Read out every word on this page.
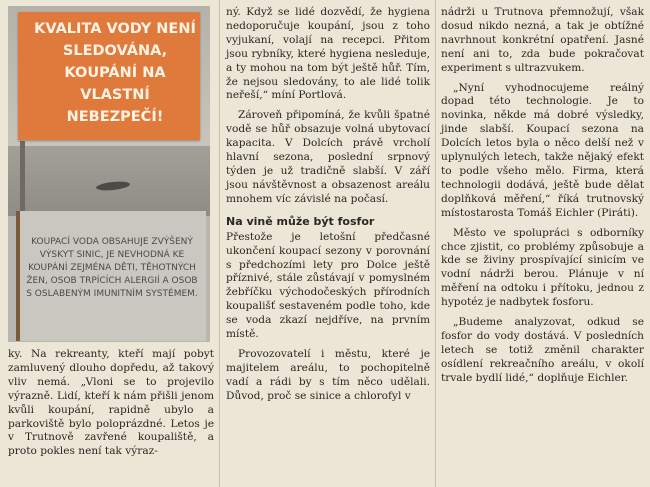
KVALITA VODY NENÍ SLEDOVÁNA, KOUPÁNÍ NA VLASTNÍ NEBEZPEČÍ!
KOUPACÍ VODA OBSAHUJE ZVÝŠENÝ VÝSKYT SINIC, JE NEVHODNÁ KE KOUPÁNÍ ZEJMÉNA DĚTI, TĚHOTNÝCH ŽEN, OSOB TRPÍCÍCH ALERGIÍ A OSOB S OSLABENÝM IMUNITNÍM SYSTÉMEM.

ky. Na rekreanty, kteří mají pobyt zamluvený dlouho dopředu, až takový vliv nemá. „Vloni se to projevilo výrazně. Lidí, kteří k nám přišli jenom kvůli koupání, rapidně ubylo a parkoviště bylo poloprázdné. Letos je v Trutnově zavřené koupaliště, a proto pokles není tak výraz-

ný. Když se lidé dozvědí, že hygiena nedoporučuje koupání, jsou z toho vyjukaní, volají na recepci. Přitom jsou rybníky, které hygiena nesleduje, a ty mohou na tom být ještě hůř. Tím, že nejsou sledovány, to ale lidé tolik neřeší,“ míní Portlová.

Zároveň připomíná, že kvůli špatné vodě se hůř obsazuje volná ubytovací kapacita. V Dolcích právě vrcholí hlavní sezona, poslední srpnový týden je už tradičně slabší. V září jsou návštěvnost a obsazenost areálu mnohem víc závislé na počasí.

Na vině může být fosfor

Přestože je letošní předčasné ukončení koupací sezony v porovnání s předchozími lety pro Dolce ještě příznivé, stále zůstávají v pomyslném žebříčku východočeských přírodních koupališť sestaveném podle toho, kde se voda zkazí nejdříve, na prvním místě.

Provozovatelí i městu, které je majitelem areálu, to pochopitelně vadí a rádi by s tím něco udělali. Důvod, proč se sinice a chlorofyl v

nádrži u Trutnova přemnožují, však dosud nikdo nezná, a tak je obtížné navrhnout konkrétní opatření. Jasné není ani to, zda bude pokračovat experiment s ultrazvukem.

„Nyní vyhodnocujeme reálný dopad této technologie. Je to novinka, někde má dobré výsledky, jinde slabší. Koupací sezona na Dolcích letos byla o něco delší než v uplynulých letech, takže nějaký efekt to podle všeho mělo. Firma, která technologii dodává, ještě bude dělat doplňková měření,“ říká trutnovský místostarosta Tomáš Eichler (Piráti).

Město ve spolupráci s odborníky chce zjistit, co problémy způsobuje a kde se živiny prospívající sinicím ve vodní nádrži berou. Plánuje v ní měření na odtoku i přítoku, jednou z hypotéz je nadbytek fosforu.

„Budeme analyzovat, odkud se fosfor do vody dostává. V posledních letech se totiž změnil charakter osídlení rekreačního areálu, v okolí trvale bydlí lidé,“ doplňuje Eichler.
